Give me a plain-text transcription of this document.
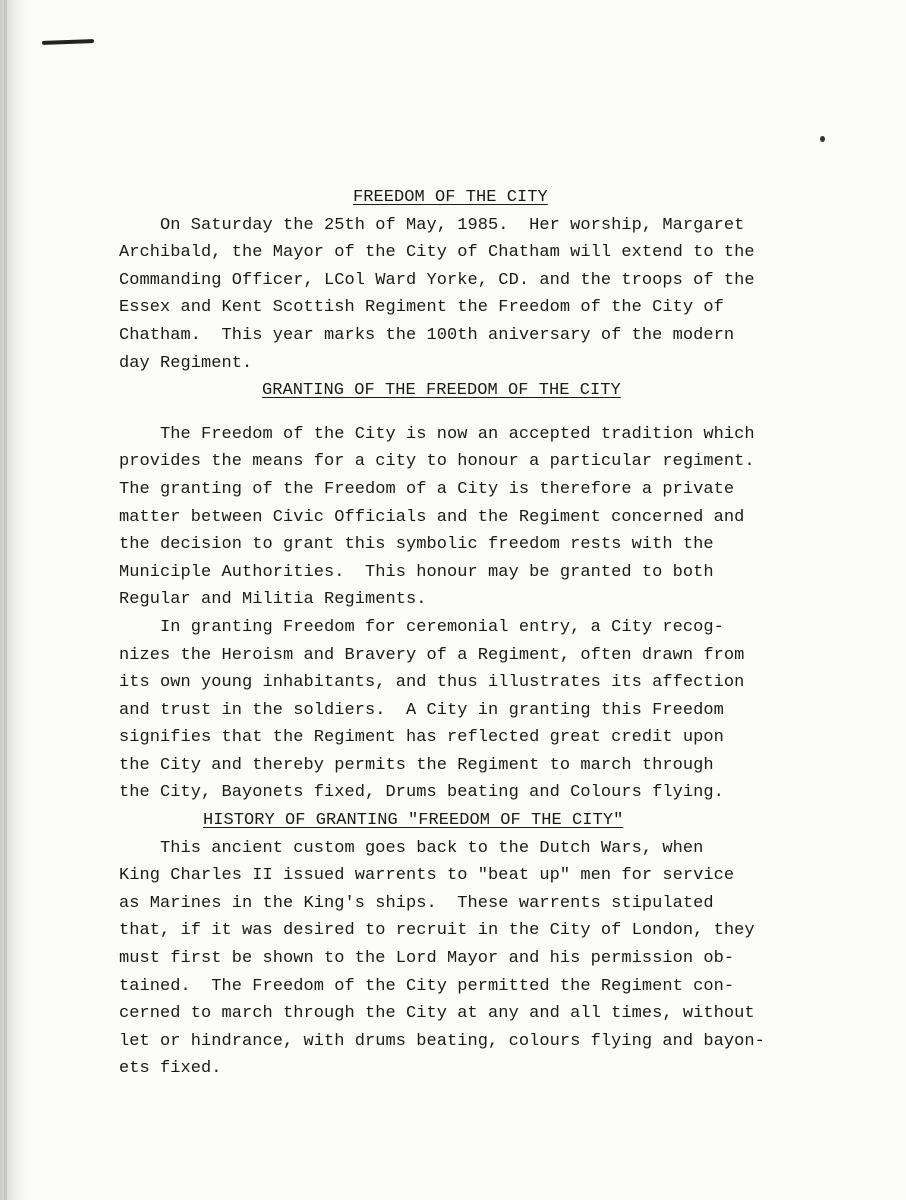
FREEDOM OF THE CITY
On Saturday the 25th of May, 1985.  Her worship, Margaret
Archibald, the Mayor of the City of Chatham will extend to the
Commanding Officer, LCol Ward Yorke, CD. and the troops of the
Essex and Kent Scottish Regiment the Freedom of the City of
Chatham.  This year marks the 100th aniversary of the modern
day Regiment.
GRANTING OF THE FREEDOM OF THE CITY
The Freedom of the City is now an accepted tradition which
provides the means for a city to honour a particular regiment.
The granting of the Freedom of a City is therefore a private
matter between Civic Officials and the Regiment concerned and
the decision to grant this symbolic freedom rests with the
Municiple Authorities.  This honour may be granted to both
Regular and Militia Regiments.
In granting Freedom for ceremonial entry, a City recog-
nizes the Heroism and Bravery of a Regiment, often drawn from
its own young inhabitants, and thus illustrates its affection
and trust in the soldiers.  A City in granting this Freedom
signifies that the Regiment has reflected great credit upon
the City and thereby permits the Regiment to march through
the City, Bayonets fixed, Drums beating and Colours flying.
HISTORY OF GRANTING "FREEDOM OF THE CITY"
This ancient custom goes back to the Dutch Wars, when
King Charles II issued warrents to "beat up" men for service
as Marines in the King's ships.  These warrents stipulated
that, if it was desired to recruit in the City of London, they
must first be shown to the Lord Mayor and his permission ob-
tained.  The Freedom of the City permitted the Regiment con-
cerned to march through the City at any and all times, without
let or hindrance, with drums beating, colours flying and bayon-
ets fixed.
